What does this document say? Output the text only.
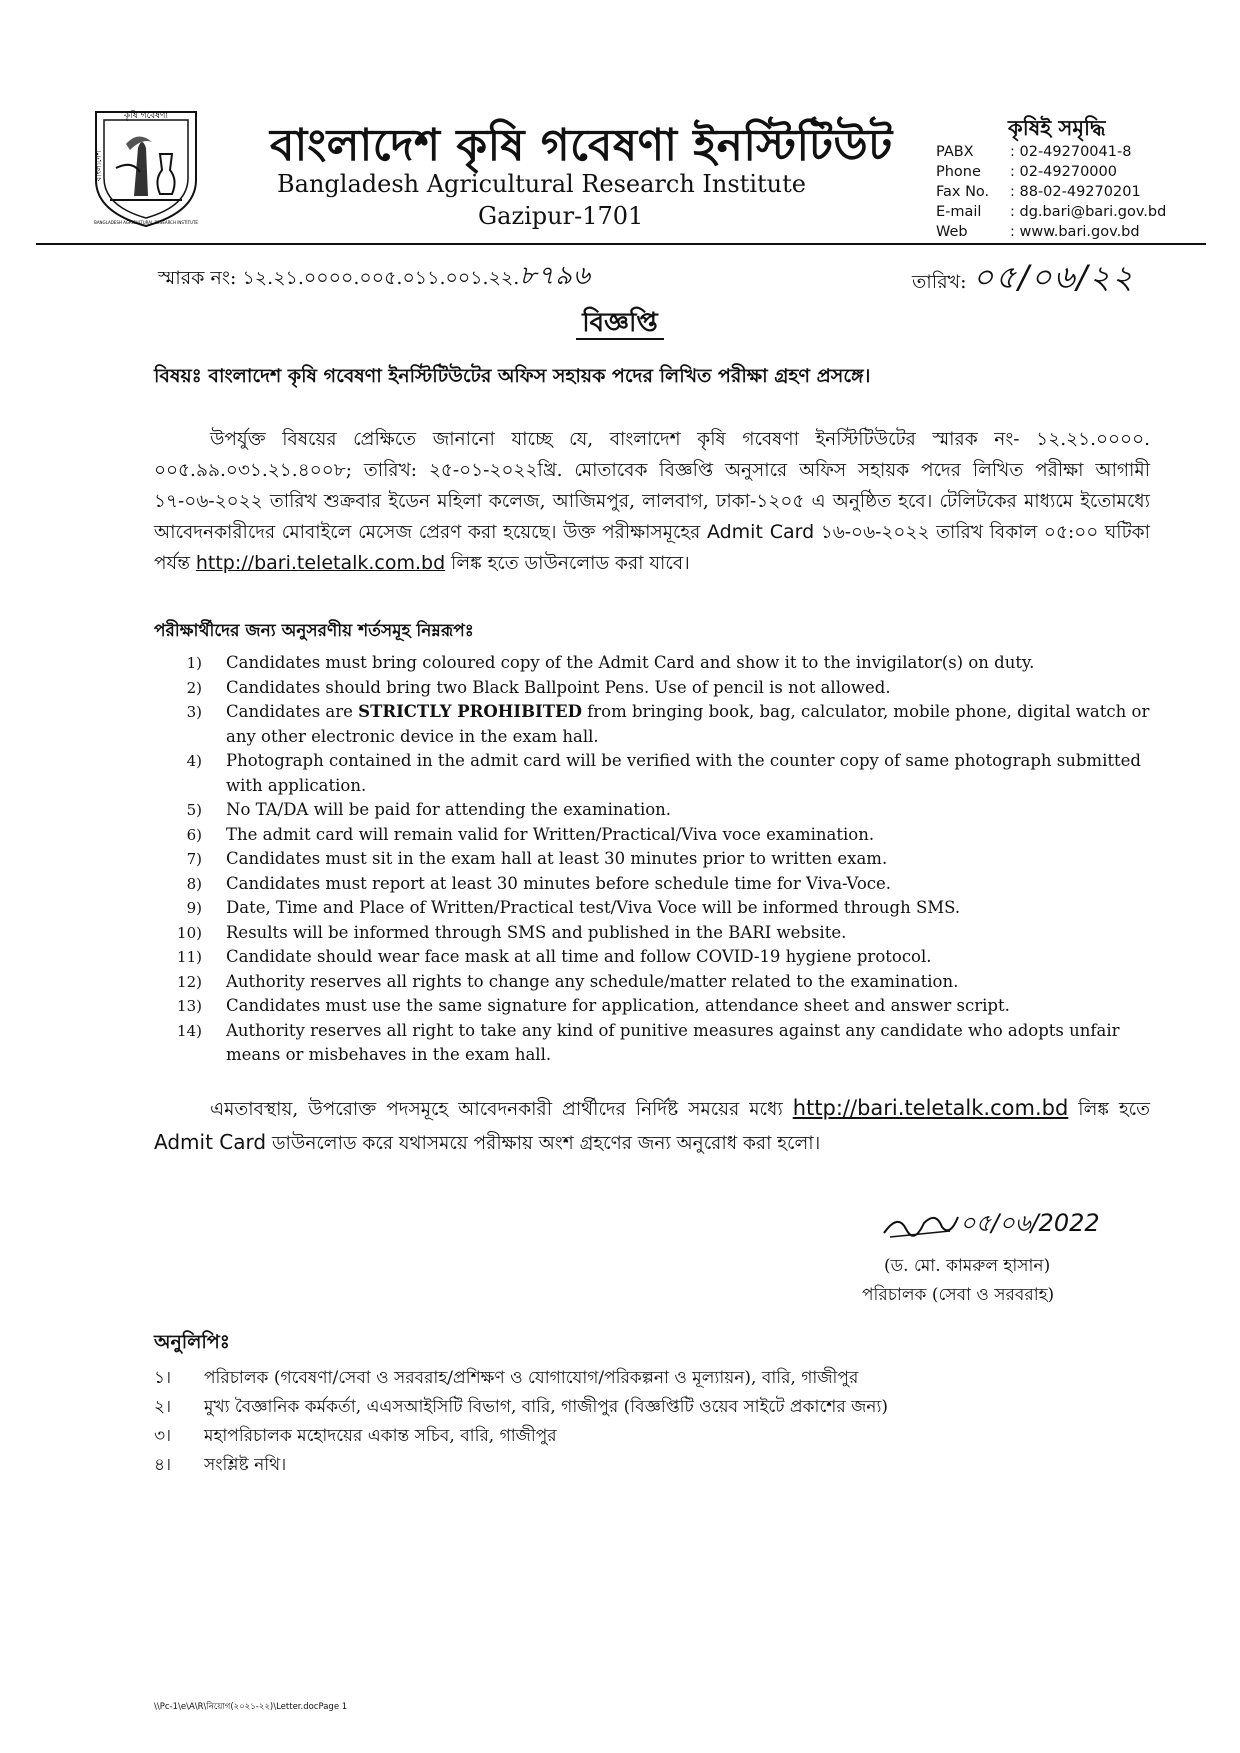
কৃষি গবেষণা
বাংলাদেশ
BANGLADESH AGRICULTURAL RESEARCH INSTITUTE
বাংলাদেশ কৃষি গবেষণা ইনস্টিটিউট
Bangladesh Agricultural Research Institute
Gazipur-1701
কৃষিই সমৃদ্ধি
PABX	: 02-49270041-8
Phone	: 02-49270000
Fax No.	: 88-02-49270201
E-mail	: dg.bari@bari.gov.bd
Web	: www.bari.gov.bd
স্মারক নং: ১২.২১.০০০০.০০৫.০১১.০০১.২২.৮৭৯৬	তারিখ: ০৫/০৬/২২
বিজ্ঞপ্তি
বিষয়ঃ বাংলাদেশ কৃষি গবেষণা ইনস্টিটিউটের অফিস সহায়ক পদের লিখিত পরীক্ষা গ্রহণ প্রসঙ্গে।

উপর্যুক্ত বিষয়ের প্রেক্ষিতে জানানো যাচ্ছে যে, বাংলাদেশ কৃষি গবেষণা ইনস্টিটিউটের স্মারক নং- ১২.২১.০০০০. ০০৫.৯৯.০৩১.২১.৪০০৮; তারিখ: ২৫-০১-২০২২খ্রি. মোতাবেক বিজ্ঞপ্তি অনুসারে অফিস সহায়ক পদের লিখিত পরীক্ষা আগামী ১৭-০৬-২০২২ তারিখ শুক্রবার ইডেন মহিলা কলেজ, আজিমপুর, লালবাগ, ঢাকা-১২০৫ এ অনুষ্ঠিত হবে। টেলিটকের মাধ্যমে ইতোমধ্যে আবেদনকারীদের মোবাইলে মেসেজ প্রেরণ করা হয়েছে। উক্ত পরীক্ষাসমূহের Admit Card ১৬-০৬-২০২২ তারিখ বিকাল ০৫:০০ ঘটিকা পর্যন্ত http://bari.teletalk.com.bd লিঙ্ক হতে ডাউনলোড করা যাবে।

পরীক্ষার্থীদের জন্য অনুসরণীয় শর্তসমূহ নিম্নরূপঃ
1) Candidates must bring coloured copy of the Admit Card and show it to the invigilator(s) on duty.
2) Candidates should bring two Black Ballpoint Pens. Use of pencil is not allowed.
3) Candidates are STRICTLY PROHIBITED from bringing book, bag, calculator, mobile phone, digital watch or any other electronic device in the exam hall.
4) Photograph contained in the admit card will be verified with the counter copy of same photograph submitted with application.
5) No TA/DA will be paid for attending the examination.
6) The admit card will remain valid for Written/Practical/Viva voce examination.
7) Candidates must sit in the exam hall at least 30 minutes prior to written exam.
8) Candidates must report at least 30 minutes before schedule time for Viva-Voce.
9) Date, Time and Place of Written/Practical test/Viva Voce will be informed through SMS.
10) Results will be informed through SMS and published in the BARI website.
11) Candidate should wear face mask at all time and follow COVID-19 hygiene protocol.
12) Authority reserves all rights to change any schedule/matter related to the examination.
13) Candidates must use the same signature for application, attendance sheet and answer script.
14) Authority reserves all right to take any kind of punitive measures against any candidate who adopts unfair means or misbehaves in the exam hall.
এমতাবস্থায়, উপরোক্ত পদসমূহে আবেদনকারী প্রার্থীদের নির্দিষ্ট সময়ের মধ্যে http://bari.teletalk.com.bd লিঙ্ক হতে Admit Card ডাউনলোড করে যথাসময়ে পরীক্ষায় অংশ গ্রহণের জন্য অনুরোধ করা হলো।
০৫/০৬/2022
(ড. মো. কামরুল হাসান)
পরিচালক (সেবা ও সরবরাহ)
অনুলিপিঃ
১।	পরিচালক (গবেষণা/সেবা ও সরবরাহ/প্রশিক্ষণ ও যোগাযোগ/পরিকল্পনা ও মূল্যায়ন), বারি, গাজীপুর
২।	মুখ্য বৈজ্ঞানিক কর্মকর্তা, এএসআইসিটি বিভাগ, বারি, গাজীপুর (বিজ্ঞপ্তিটি ওয়েব সাইটে প্রকাশের জন্য)
৩।	মহাপরিচালক মহোদয়ের একান্ত সচিব, বারি, গাজীপুর
৪।	সংশ্লিষ্ট নথি।
\\Pc-1\e\A\R\নিয়োগ(২০২১-২২)\Letter.docPage 1
